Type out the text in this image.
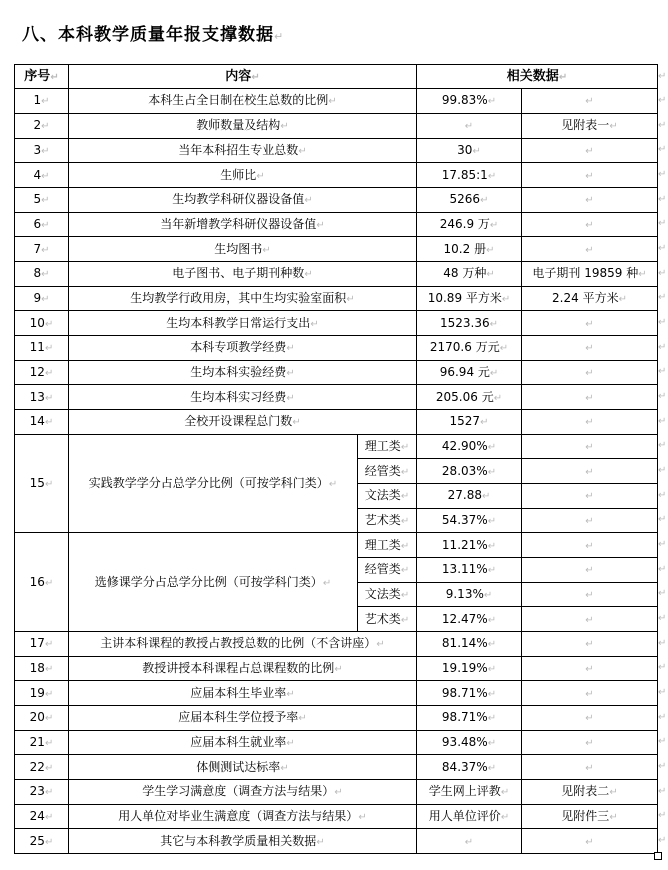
八、本科教学质量年报支撑数据↵
序号 ↵	内容 ↵		相关数据 ↵
1 ↵	本科生占全日制在校生总数的比例 ↵		99.83% ↵	↵
2 ↵	教师数量及结构 ↵	↵		见附表一 ↵
3 ↵	当年本科招生专业总数 ↵		30 ↵	↵
4 ↵	生师比 ↵		17.85:1 ↵	↵
5 ↵	生均教学科研仪器设备值 ↵		5266 ↵	↵
6 ↵	当年新增教学科研仪器设备值 ↵		246.9 万 ↵	↵
7 ↵	生均图书 ↵		10.2 册 ↵	↵
8 ↵	电子图书、电子期刊种数 ↵		48 万种 ↵	电子期刊 19859 种 ↵
9 ↵	生均教学行政用房，其中生均实验室面积 ↵		10.89 平方米 ↵	2.24 平方米 ↵
10 ↵	生均本科教学日常运行支出 ↵		1523.36 ↵	↵
11 ↵	本科专项教学经费 ↵		2170.6 万元 ↵	↵
12 ↵	生均本科实验经费 ↵		96.94 元 ↵	↵
13 ↵	生均本科实习经费 ↵		205.06 元 ↵	↵
14 ↵	全校开设课程总门数 ↵		1527 ↵	↵
15 ↵	实践教学学分占总学分比例（可按学科门类） ↵	理工类 ↵	42.90% ↵	↵
		经管类 ↵	28.03% ↵	↵
		文法类 ↵	27.88 ↵	↵
		艺术类 ↵	54.37% ↵	↵
16 ↵	选修课学分占总学分比例（可按学科门类） ↵	理工类 ↵	11.21% ↵	↵
		经管类 ↵	13.11% ↵	↵
		文法类 ↵	9.13% ↵	↵
		艺术类 ↵	12.47% ↵	↵
17 ↵	主讲本科课程的教授占教授总数的比例（不含讲座） ↵		81.14% ↵	↵
18 ↵	教授讲授本科课程占总课程数的比例 ↵		19.19% ↵	↵
19 ↵	应届本科生毕业率 ↵		98.71% ↵	↵
20 ↵	应届本科生学位授予率 ↵		98.71% ↵	↵
21 ↵	应届本科生就业率 ↵		93.48% ↵	↵
22 ↵	体侧测试达标率 ↵		84.37% ↵	↵
23 ↵	学生学习满意度（调查方法与结果） ↵		学生网上评教 ↵	见附表二 ↵
24 ↵	用人单位对毕业生满意度（调查方法与结果） ↵		用人单位评价 ↵	见附件三 ↵
25 ↵	其它与本科教学质量相关数据 ↵	↵	↵
↵
↵
↵
↵
↵
↵
↵
↵
↵
↵
↵
↵
↵
↵
↵
↵
↵
↵
↵
↵
↵
↵
↵
↵
↵
↵
↵
↵
↵
↵
↵
↵
